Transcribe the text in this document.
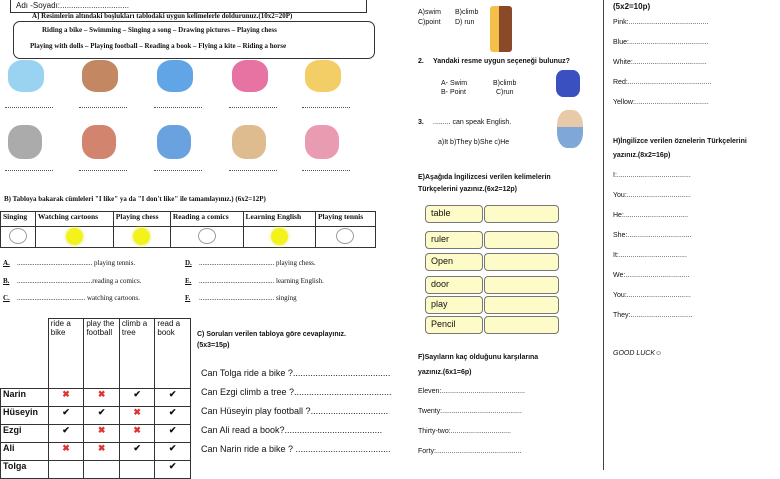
Adı -Soyadı:...............................
A] Resimlerin altındaki boşlukları tablodaki uygun kelimelerle doldurunuz.(10x2=20P)
Riding a bike – Swimming – Singing a song – Drawing pictures – Playing chess
Playing with dolls – Playing football – Reading a book – Flying a kite – Riding a horse
B) Tabloya bakarak cümleleri "I like" ya da "I don't like" ile tamamlayınız.) (6x2=12P)
Singing	Watching cartoons	Playing chess	Reading a comics	Learning English	Playing tennis

A. ........................................... playing tennis.	D. ........................................... playing chess.
B. ...........................................reading a comics.	E. ........................................... learning English.
C. ....................................... watching cartoons.	F. ........................................... singing
	ride a bike	play the football	climb a tree	read a book
Narin	✖	✖	✔	✔
Hüseyin	✔	✔	✖	✔
Ezgi	✔	✖	✖	✔
Ali	✖	✖	✔	✔
Tolga				✔
C) Soruları verilen tabloya göre cevaplayınız.
(5x3=15p)
Can Tolga ride a bike ?.......................................
Can Ezgi climb a tree ?.......................................
Can Hüseyin play football ?...............................
Can Ali read a book?.......................................
Can Narin ride a bike ? ......................................
A)swim B)climb
C)point D) run
2. Yandaki resme uygun seçeneği bulunuz?
A- Swim	B)climb
B- Point	C)run
3. ......... can speak English.
a)It b)They b)She c)He
E)Aşağıda İngilizcesi verilen kelimelerin
Türkçelerini yazınız.(6x2=12p)
table
ruler
Open
door
play
Pencil
F)Sayıların kaç olduğunu karşılarına
yazınız.(6x1=6p)
Eleven:...........................................
Twenty:.........................................
Thirty-two:...............................
Forty:............................................
(5x2=10p)
Pink:.........................................
Blue:.........................................
White:......................................
Red:...........................................
Yellow:......................................
H)İngilizce verilen öznelerin Türkçelerini
yazınız.(8x2=16p)
I:......................................
You:.................................
He:.................................
She:.................................
It:...................................
We:.................................
You:.................................
They:................................
GOOD LUCK☺
